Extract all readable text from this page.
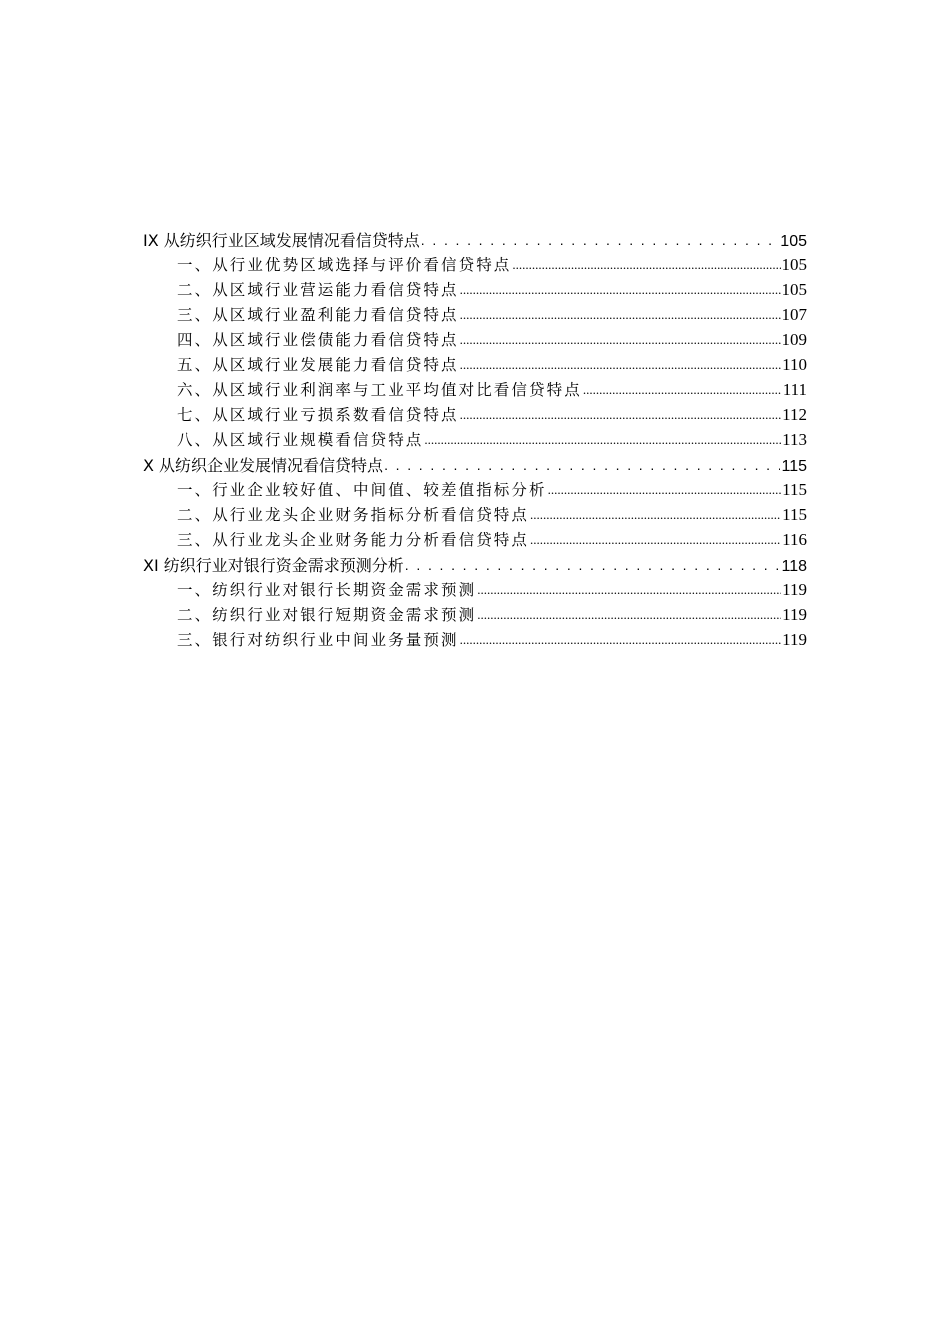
IX 从纺织行业区域发展情况看信贷特点 . . .	105
一、从行业优势区域选择与评价看信贷特点 .....	105
二、从区域行业营运能力看信贷特点 .....	105
三、从区域行业盈利能力看信贷特点 .....	107
四、从区域行业偿债能力看信贷特点 .....	109
五、从区域行业发展能力看信贷特点 .....	110
六、从区域行业利润率与工业平均值对比看信贷特点 .....	111
七、从区域行业亏损系数看信贷特点 .....	112
八、从区域行业规模看信贷特点 .....	113
X 从纺织企业发展情况看信贷特点 . . .	115
一、行业企业较好值、中间值、较差值指标分析 .....	115
二、从行业龙头企业财务指标分析看信贷特点 .....	115
三、从行业龙头企业财务能力分析看信贷特点 .....	116
XI 纺织行业对银行资金需求预测分析 . . .	118
一、纺织行业对银行长期资金需求预测 .....	119
二、纺织行业对银行短期资金需求预测 .....	119
三、银行对纺织行业中间业务量预测 .....	119
